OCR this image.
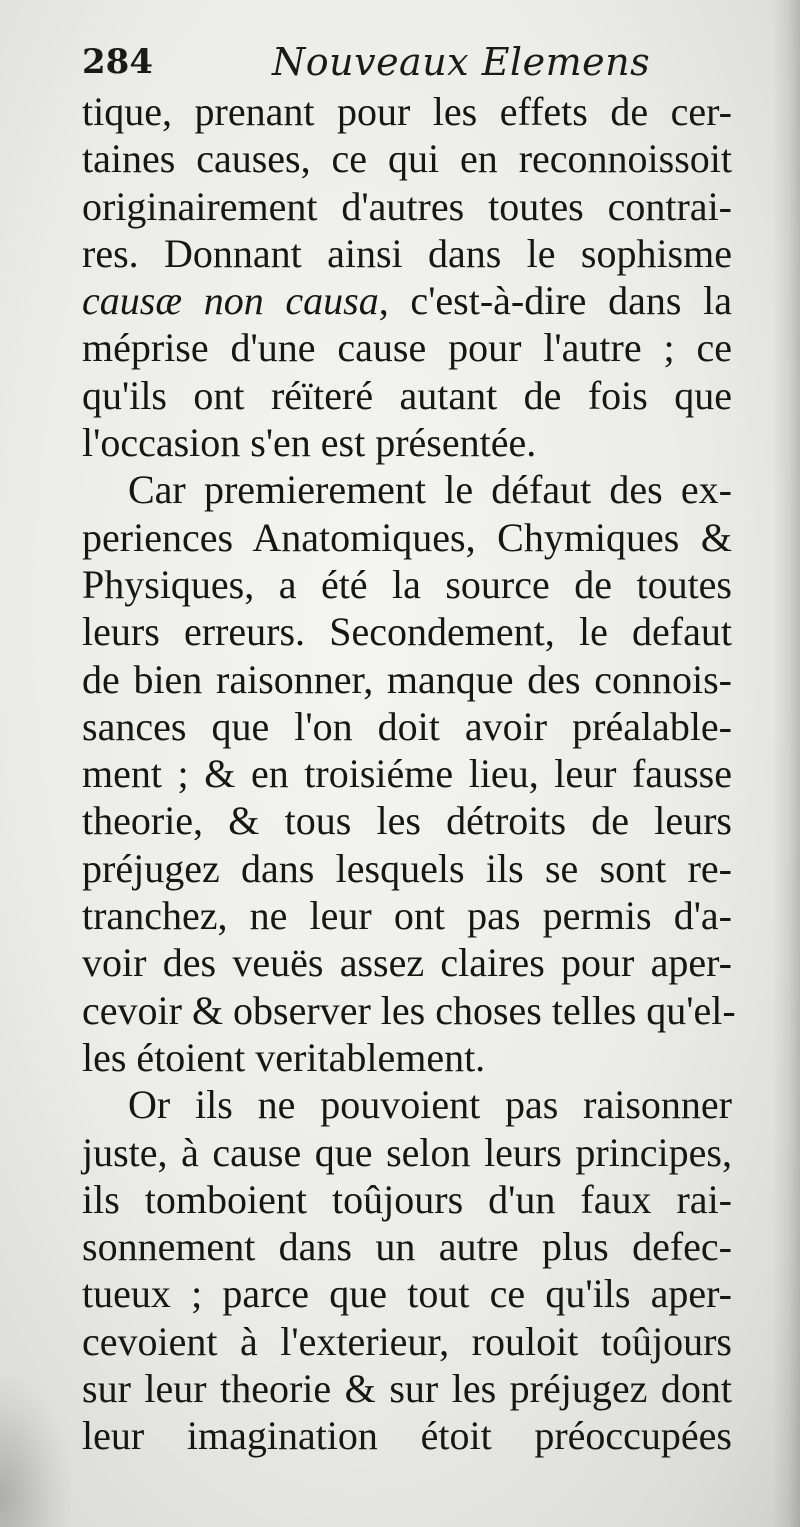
284	Nouveaux Elemens
tique, prenant pour les effets de cer-
taines causes, ce qui en reconnoissoit
originairement d'autres toutes contrai-
res. Donnant ainsi dans le sophisme
causæ non causa, c'est-à-dire dans la
méprise d'une cause pour l'autre ; ce
qu'ils ont réïteré autant de fois que
l'occasion s'en est présentée.
Car premierement le défaut des ex-
periences Anatomiques, Chymiques &
Physiques, a été la source de toutes
leurs erreurs. Secondement, le defaut
de bien raisonner, manque des connois-
sances que l'on doit avoir préalable-
ment ; & en troisiéme lieu, leur fausse
theorie, & tous les détroits de leurs
préjugez dans lesquels ils se sont re-
tranchez, ne leur ont pas permis d'a-
voir des veuës assez claires pour aper-
cevoir & observer les choses telles qu'el-
les étoient veritablement.
Or ils ne pouvoient pas raisonner
juste, à cause que selon leurs principes,
ils tomboient toûjours d'un faux rai-
sonnement dans un autre plus defec-
tueux ; parce que tout ce qu'ils aper-
cevoient à l'exterieur, rouloit toûjours
sur leur theorie & sur les préjugez dont
leur imagination étoit préoccupées
